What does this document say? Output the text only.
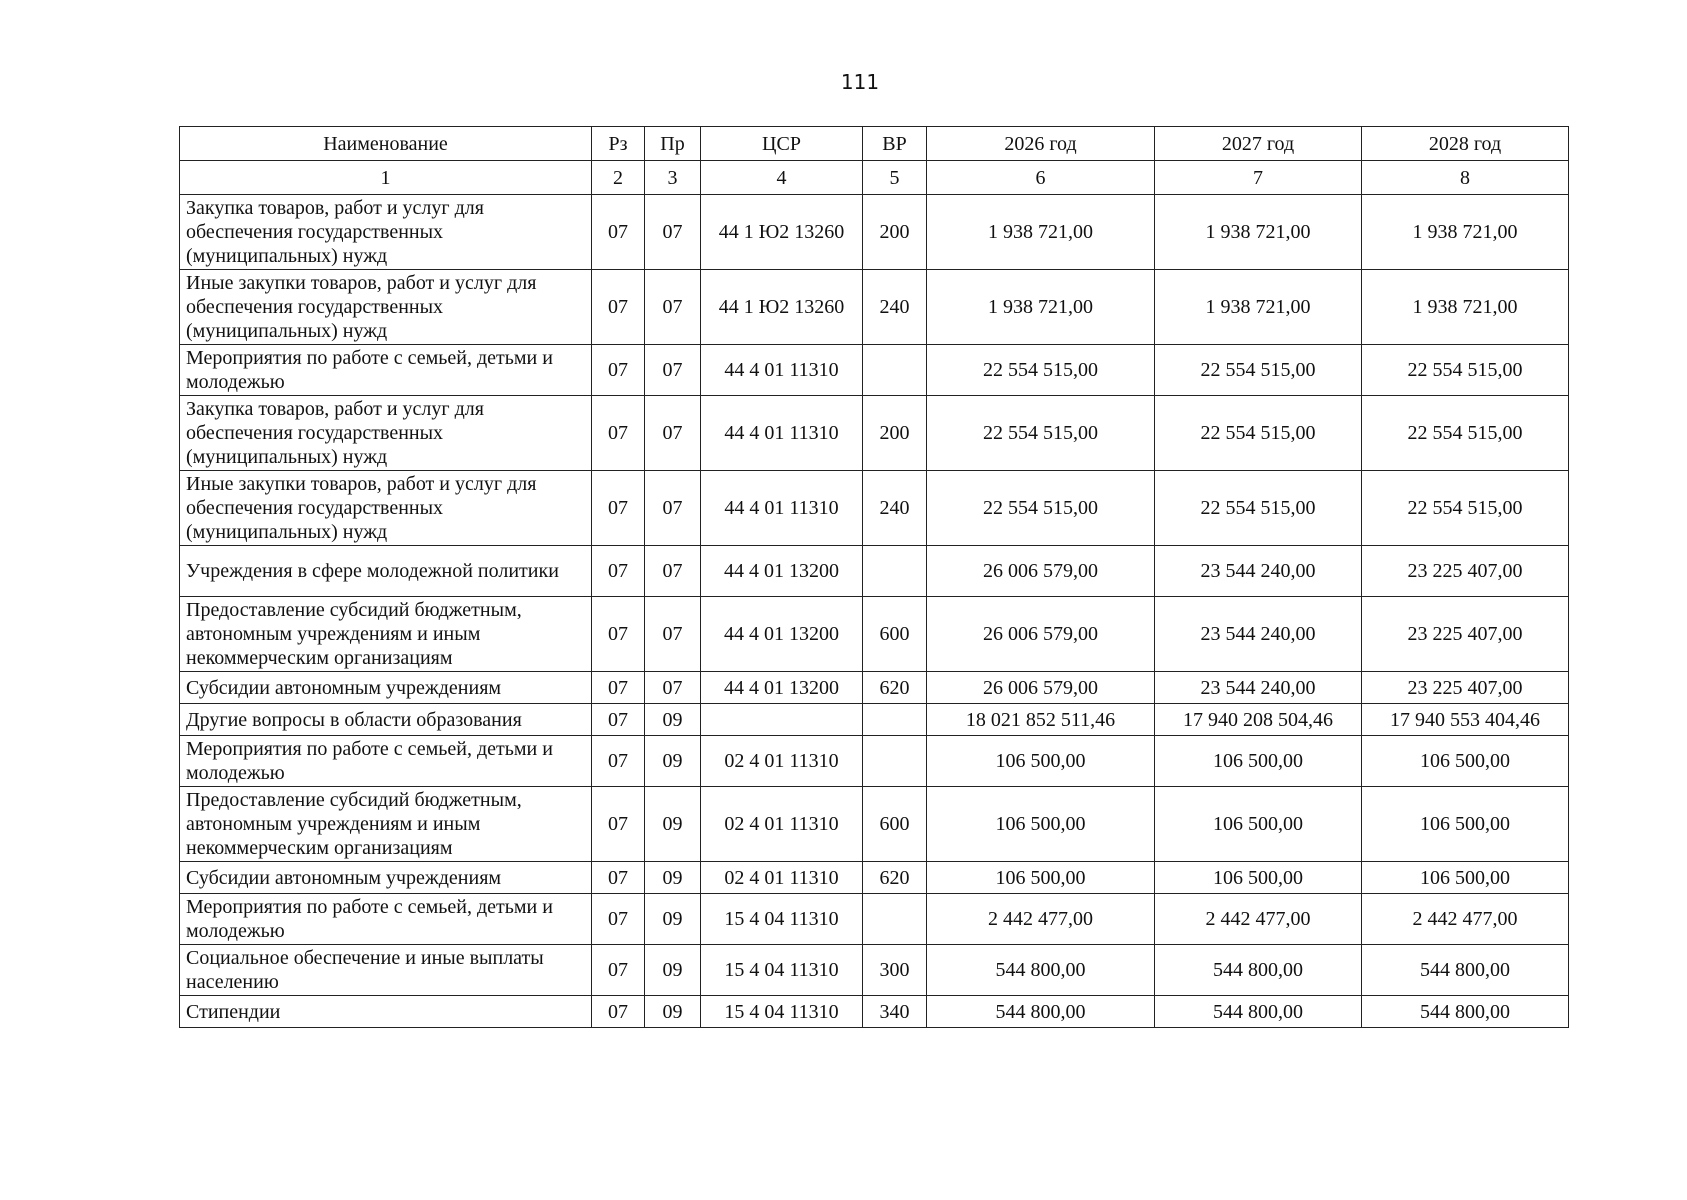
111
Наименование	Рз	Пр	ЦСР	ВР	2026 год	2027 год	2028 год
1	2	3	4	5	6	7	8
Закупка товаров, работ и услуг для обеспечения государственных (муниципальных) нужд	07	07	44 1 Ю2 13260	200	1 938 721,00	1 938 721,00	1 938 721,00
Иные закупки товаров, работ и услуг для обеспечения государственных (муниципальных) нужд	07	07	44 1 Ю2 13260	240	1 938 721,00	1 938 721,00	1 938 721,00
Мероприятия по работе с семьей, детьми и молодежью	07	07	44 4 01 11310		22 554 515,00	22 554 515,00	22 554 515,00
Закупка товаров, работ и услуг для обеспечения государственных (муниципальных) нужд	07	07	44 4 01 11310	200	22 554 515,00	22 554 515,00	22 554 515,00
Иные закупки товаров, работ и услуг для обеспечения государственных (муниципальных) нужд	07	07	44 4 01 11310	240	22 554 515,00	22 554 515,00	22 554 515,00
Учреждения в сфере молодежной политики	07	07	44 4 01 13200		26 006 579,00	23 544 240,00	23 225 407,00
Предоставление субсидий бюджетным, автономным учреждениям и иным некоммерческим организациям	07	07	44 4 01 13200	600	26 006 579,00	23 544 240,00	23 225 407,00
Субсидии автономным учреждениям	07	07	44 4 01 13200	620	26 006 579,00	23 544 240,00	23 225 407,00
Другие вопросы в области образования	07	09			18 021 852 511,46	17 940 208 504,46	17 940 553 404,46
Мероприятия по работе с семьей, детьми и молодежью	07	09	02 4 01 11310		106 500,00	106 500,00	106 500,00
Предоставление субсидий бюджетным, автономным учреждениям и иным некоммерческим организациям	07	09	02 4 01 11310	600	106 500,00	106 500,00	106 500,00
Субсидии автономным учреждениям	07	09	02 4 01 11310	620	106 500,00	106 500,00	106 500,00
Мероприятия по работе с семьей, детьми и молодежью	07	09	15 4 04 11310		2 442 477,00	2 442 477,00	2 442 477,00
Социальное обеспечение и иные выплаты населению	07	09	15 4 04 11310	300	544 800,00	544 800,00	544 800,00
Стипендии	07	09	15 4 04 11310	340	544 800,00	544 800,00	544 800,00
